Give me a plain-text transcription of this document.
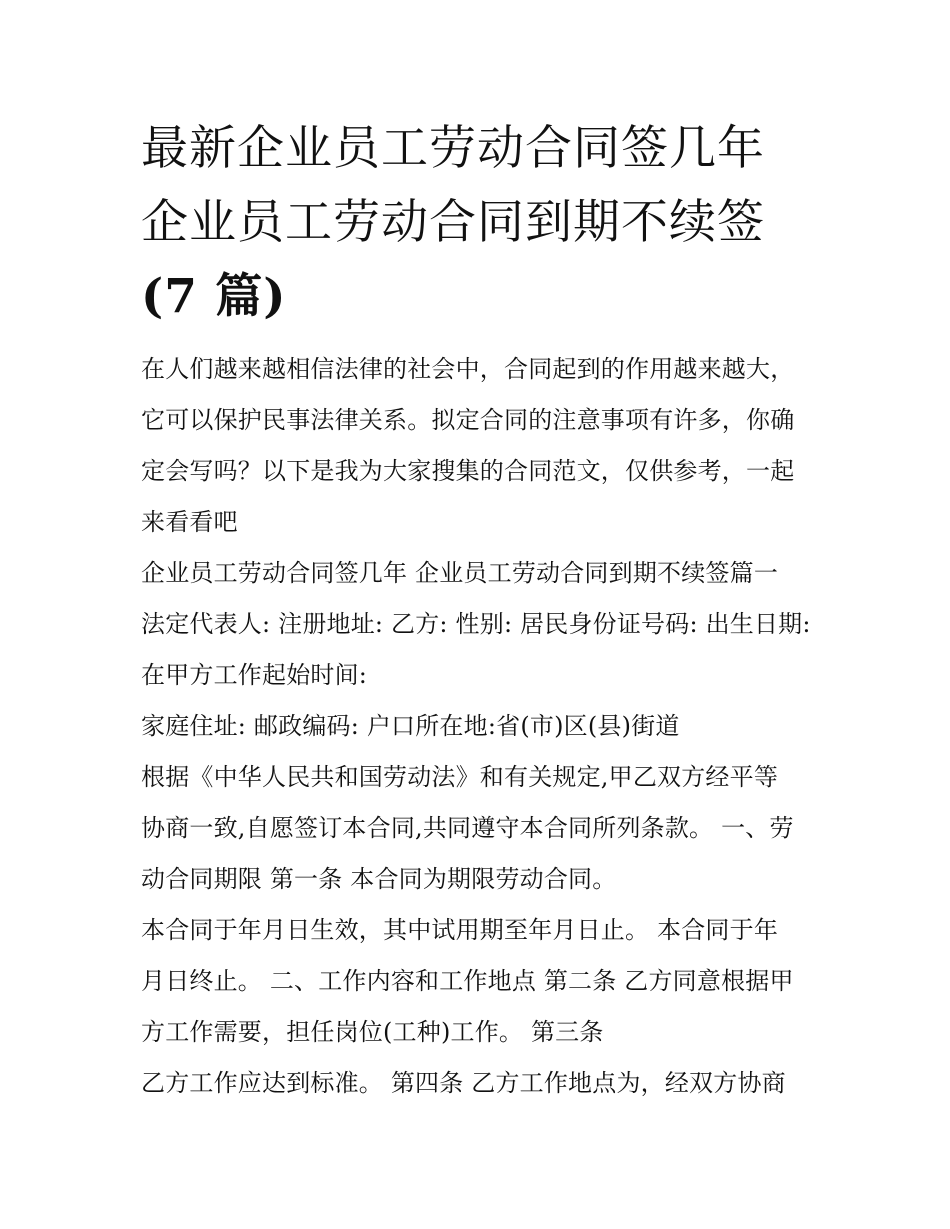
最新企业员工劳动合同签几年
企业员工劳动合同到期不续签
(7 篇)
在人们越来越相信法律的社会中，合同起到的作用越来越大，
它可以保护民事法律关系。拟定合同的注意事项有许多，你确
定会写吗？以下是我为大家搜集的合同范文，仅供参考，一起
来看看吧
企业员工劳动合同签几年 企业员工劳动合同到期不续签篇一
法定代表人: 注册地址: 乙方: 性别: 居民身份证号码: 出生日期:
在甲方工作起始时间:
家庭住址: 邮政编码: 户口所在地:省(市)区(县)街道
根据《中华人民共和国劳动法》和有关规定,甲乙双方经平等
协商一致,自愿签订本合同,共同遵守本合同所列条款。 一、劳
动合同期限 第一条 本合同为期限劳动合同。
本合同于年月日生效，其中试用期至年月日止。 本合同于年
月日终止。 二、工作内容和工作地点 第二条 乙方同意根据甲
方工作需要，担任岗位(工种)工作。 第三条
乙方工作应达到标准。 第四条 乙方工作地点为，经双方协商
